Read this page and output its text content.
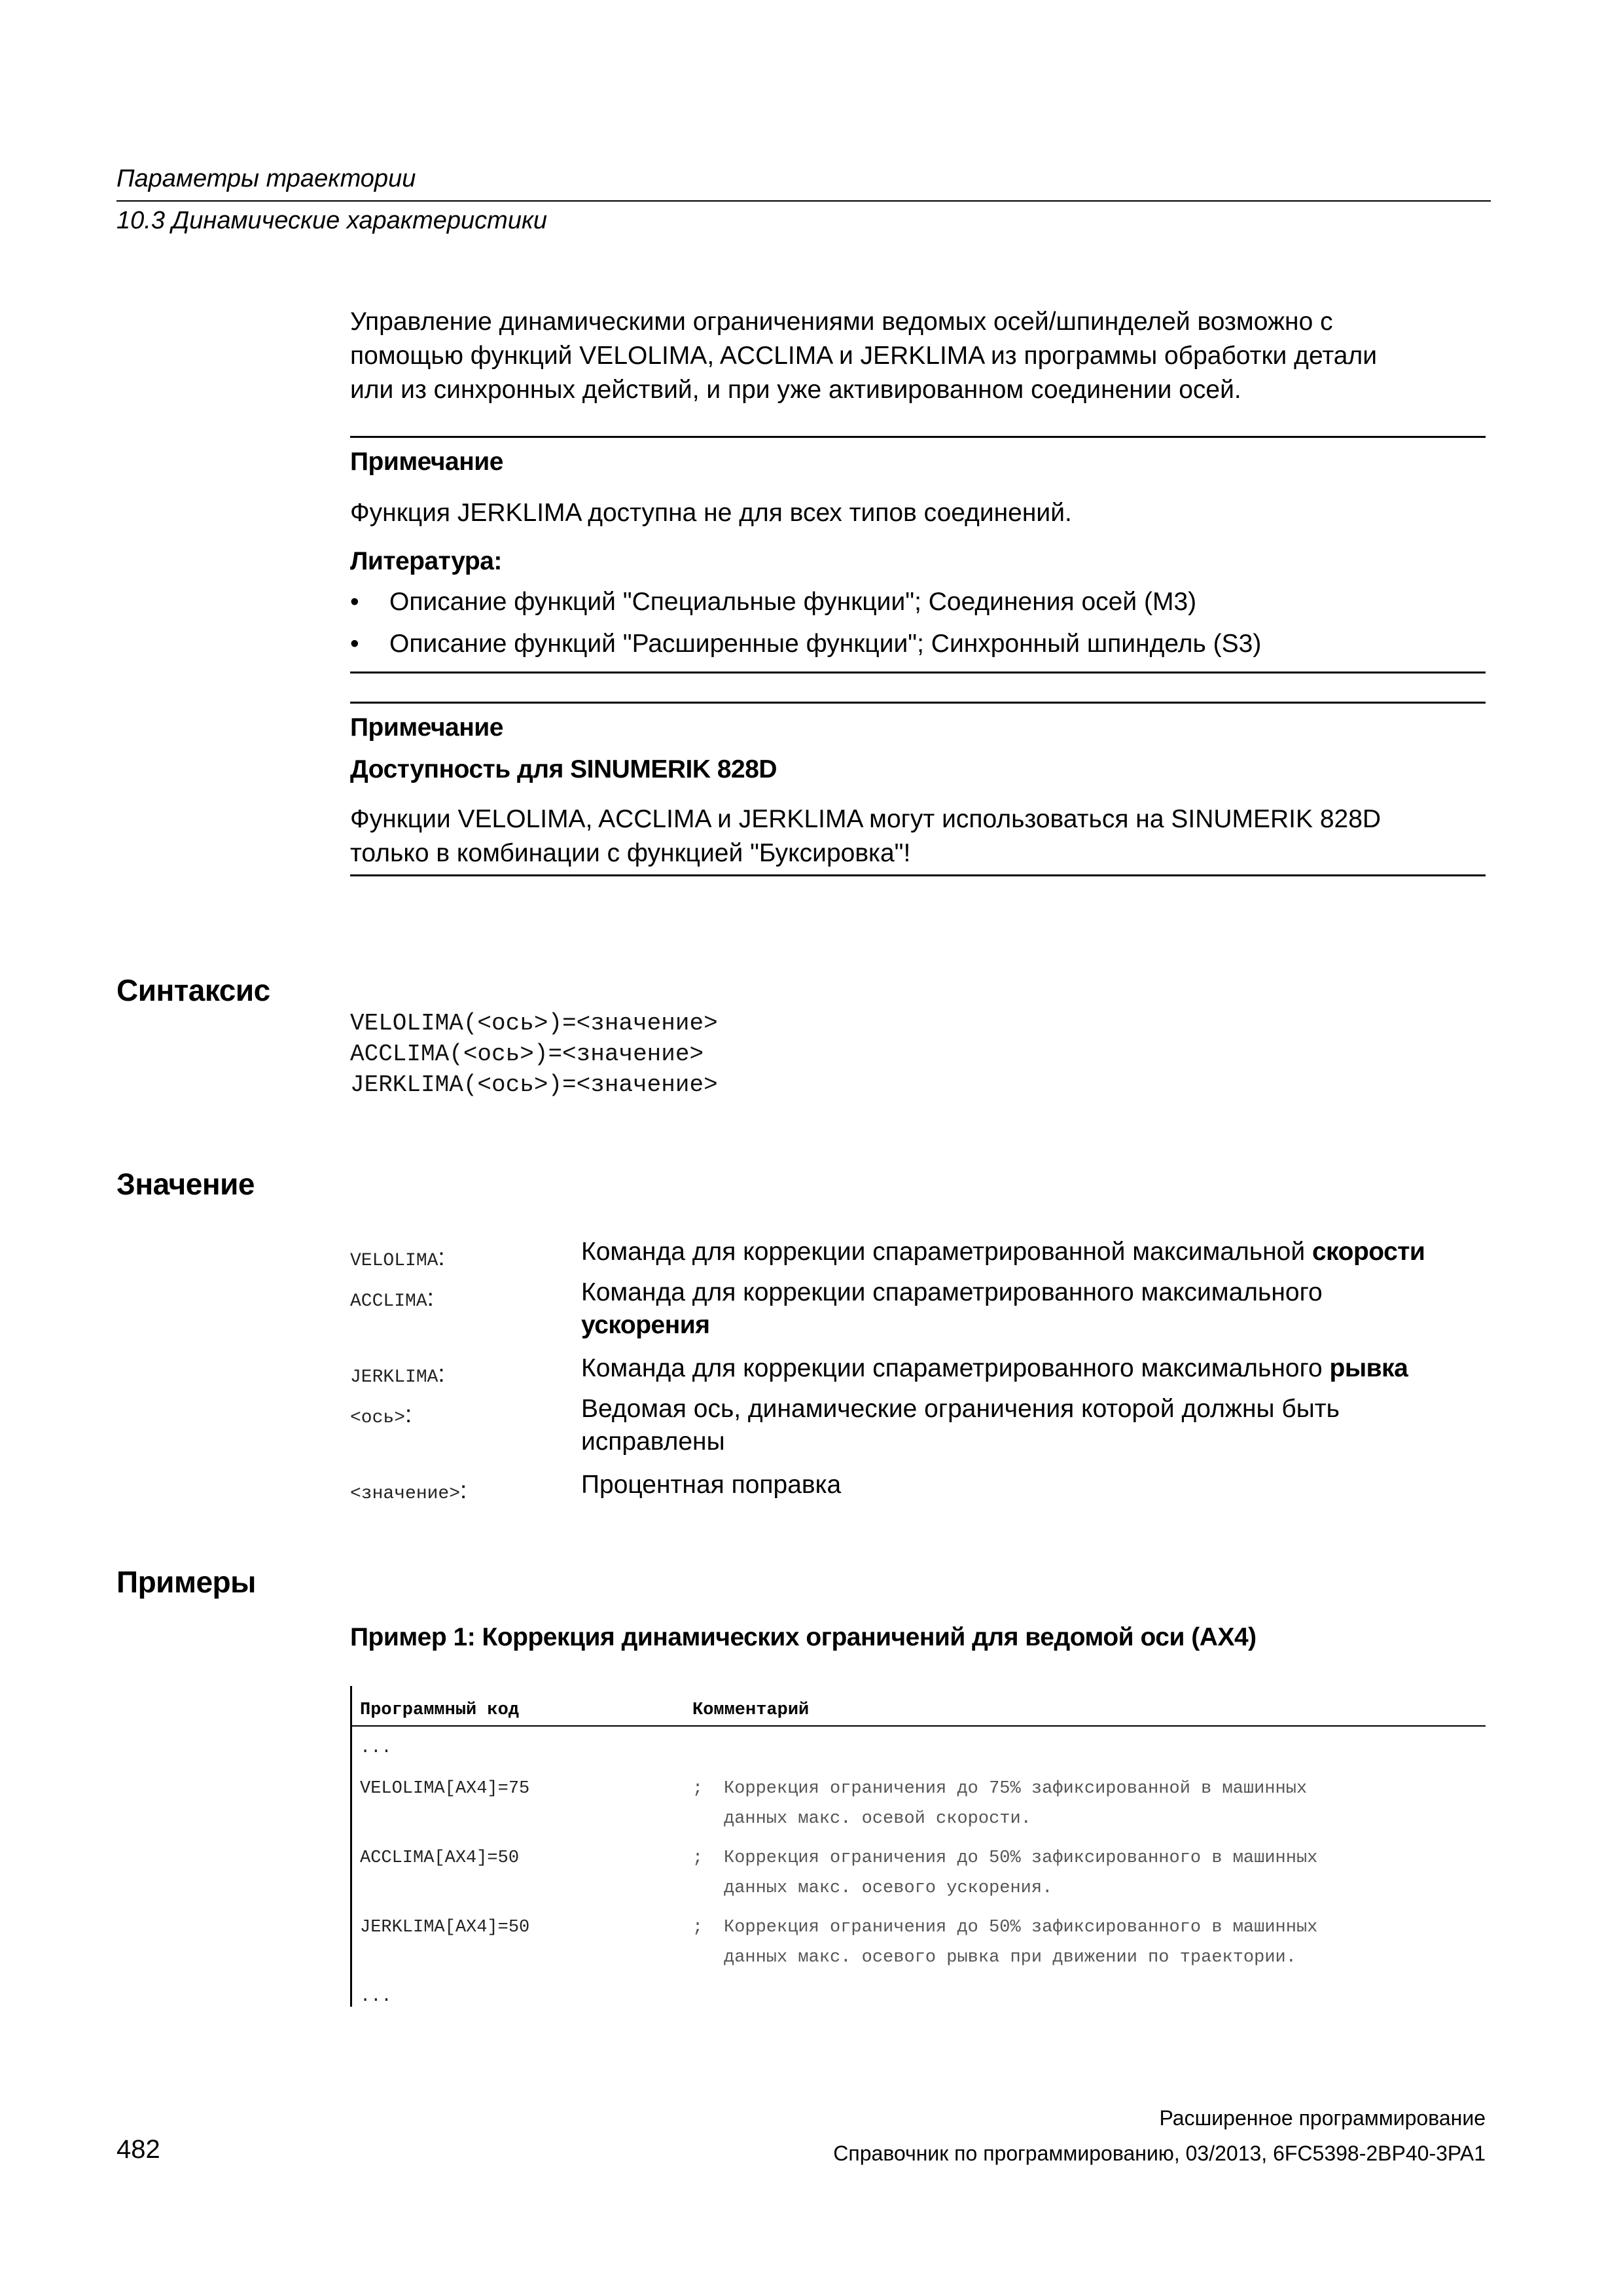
Параметры траектории
10.3 Динамические характеристики
Управление динамическими ограничениями ведомых осей/шпинделей возможно с
помощью функций VELOLIMA, ACCLIMA и JERKLIMA из программы обработки детали
или из синхронных действий, и при уже активированном соединении осей.
Примечание
Функция JERKLIMA доступна не для всех типов соединений.
Литература:
• Описание функций "Специальные функции"; Соединения осей (M3)
• Описание функций "Расширенные функции"; Синхронный шпиндель (S3)
Примечание
Доступность для SINUMERIK 828D
Функции VELOLIMA, ACCLIMA и JERKLIMA могут использоваться на SINUMERIK 828D
только в комбинации с функцией "Буксировка"!
Синтаксис
VELOLIMA(<ось>)=<значение>
ACCLIMA(<ось>)=<значение>
JERKLIMA(<ось>)=<значение>
Значение
VELOLIMA:	Команда для коррекции спараметрированной максимальной скорости
ACCLIMA:	Команда для коррекции спараметрированного максимального
ускорения
JERKLIMA:	Команда для коррекции спараметрированного максимального рывка
<ось>:	Ведомая ось, динамические ограничения которой должны быть
исправлены
<значение>:	Процентная поправка
Примеры
Пример 1: Коррекция динамических ограничений для ведомой оси (AX4)
Программный код	Комментарий
...
VELOLIMA[AX4]=75	; Коррекция ограничения до 75% зафиксированной в машинных
данных макс. осевой скорости.
ACCLIMA[AX4]=50	; Коррекция ограничения до 50% зафиксированного в машинных
данных макс. осевого ускорения.
JERKLIMA[AX4]=50	; Коррекция ограничения до 50% зафиксированного в машинных
данных макс. осевого рывка при движении по траектории.
...
Расширенное программирование
482	Справочник по программированию, 03/2013, 6FC5398-2BP40-3PA1
